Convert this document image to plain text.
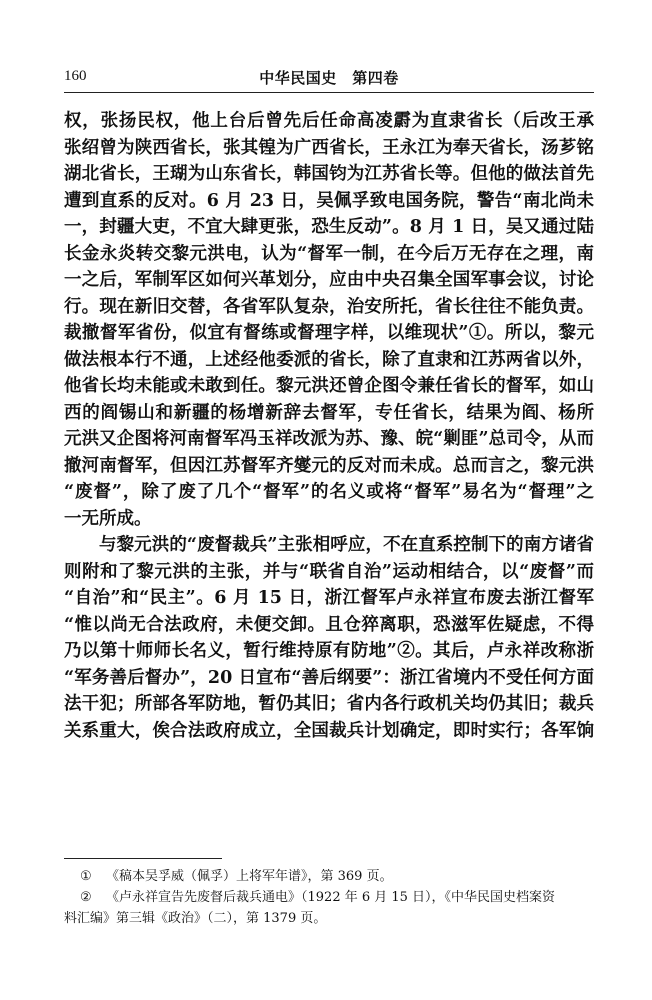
160	中华民国史　第四卷
权，张扬民权，他上台后曾先后任命高凌霨为直隶省长（后改王承
张绍曾为陕西省长，张其锽为广西省长，王永江为奉天省长，汤芗铭
湖北省长，王瑚为山东省长，韩国钧为江苏省长等。但他的做法首先
遭到直系的反对。6 月 23 日，吴佩孚致电国务院，警告“南北尚未
一，封疆大吏，不宜大肆更张，恐生反动”。8 月 1 日，吴又通过陆
长金永炎转交黎元洪电，认为“督军一制，在今后万无存在之理，南
一之后，军制军区如何兴革划分，应由中央召集全国军事会议，讨论
行。现在新旧交替，各省军队复杂，治安所托，省长往往不能负责。
裁撤督军省份，似宜有督练或督理字样，以维现状”①。所以，黎元
做法根本行不通，上述经他委派的省长，除了直隶和江苏两省以外，
他省长均未能或未敢到任。黎元洪还曾企图令兼任省长的督军，如山
西的阎锡山和新疆的杨增新辞去督军，专任省长，结果为阎、杨所
元洪又企图将河南督军冯玉祥改派为苏、豫、皖“剿匪”总司令，从而
撤河南督军，但因江苏督军齐燮元的反对而未成。总而言之，黎元洪
“废督”，除了废了几个“督军”的名义或将“督军”易名为“督理”之
一无所成。
与黎元洪的“废督裁兵”主张相呼应，不在直系控制下的南方诸省
则附和了黎元洪的主张，并与“联省自治”运动相结合，以“废督”而
“自治”和“民主”。6 月 15 日，浙江督军卢永祥宣布废去浙江督军
“惟以尚无合法政府，未便交卸。且仓猝离职，恐滋军佐疑虑，不得
乃以第十师师长名义，暂行维持原有防地”②。其后，卢永祥改称浙
“军务善后督办”，20 日宣布“善后纲要”：浙江省境内不受任何方面
法干犯；所部各军防地，暂仍其旧；省内各行政机关均仍其旧；裁兵
关系重大，俟合法政府成立，全国裁兵计划确定，即时实行；各军饷
① 《稿本吴孚威（佩孚）上将军年谱》，第 369 页。
② 《卢永祥宣告先废督后裁兵通电》（1922 年 6 月 15 日），《中华民国史档案资
料汇编》第三辑《政治》（二），第 1379 页。
